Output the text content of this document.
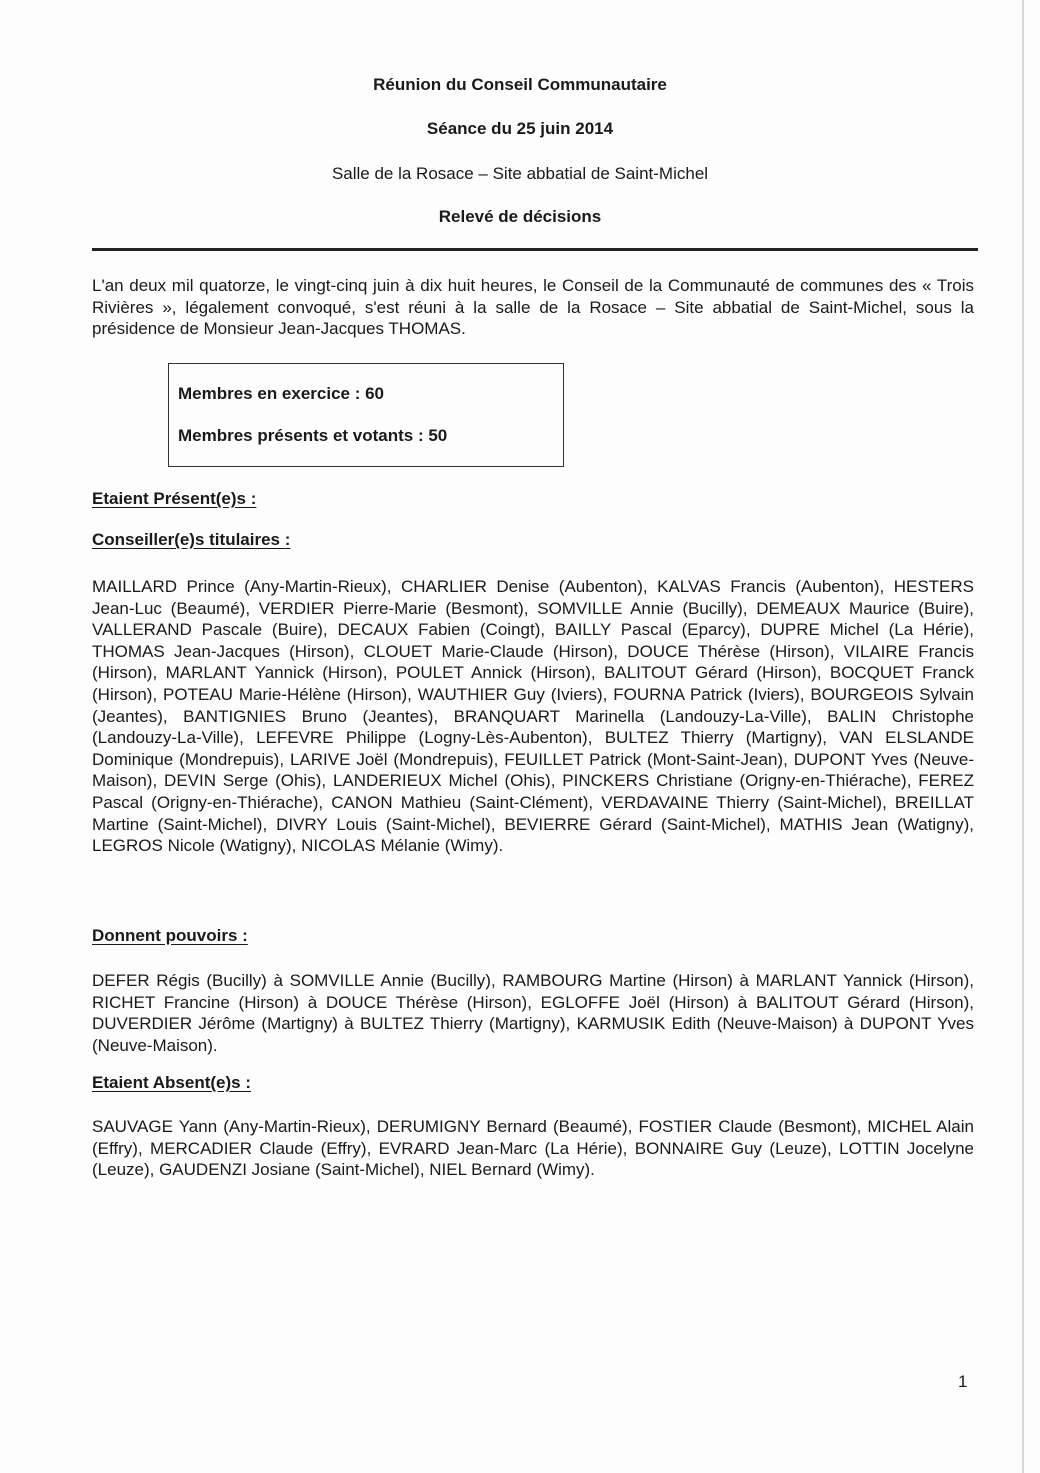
Réunion du Conseil Communautaire
Séance du 25 juin 2014
Salle de la Rosace – Site abbatial de Saint-Michel
Relevé de décisions

L'an deux mil quatorze, le vingt-cinq juin à dix huit heures, le Conseil de la Communauté de communes des « Trois Rivières », légalement convoqué, s'est réuni à la salle de la Rosace – Site abbatial de Saint-Michel, sous la présidence de Monsieur Jean-Jacques THOMAS.

Membres en exercice : 60
Membres présents et votants : 50
Etaient Présent(e)s :
Conseiller(e)s titulaires :

MAILLARD Prince (Any-Martin-Rieux), CHARLIER Denise (Aubenton), KALVAS Francis (Aubenton), HESTERS Jean-Luc (Beaumé), VERDIER Pierre-Marie (Besmont), SOMVILLE Annie (Bucilly), DEMEAUX Maurice (Buire), VALLERAND Pascale (Buire), DECAUX Fabien (Coingt), BAILLY Pascal (Eparcy), DUPRE Michel (La Hérie), THOMAS Jean-Jacques (Hirson), CLOUET Marie-Claude (Hirson), DOUCE Thérèse (Hirson), VILAIRE Francis (Hirson), MARLANT Yannick (Hirson), POULET Annick (Hirson), BALITOUT Gérard (Hirson), BOCQUET Franck (Hirson), POTEAU Marie-Hélène (Hirson), WAUTHIER Guy (Iviers), FOURNA Patrick (Iviers), BOURGEOIS Sylvain (Jeantes), BANTIGNIES Bruno (Jeantes), BRANQUART Marinella (Landouzy-La-Ville), BALIN Christophe (Landouzy-La-Ville), LEFEVRE Philippe (Logny-Lès-Aubenton), BULTEZ Thierry (Martigny), VAN ELSLANDE Dominique (Mondrepuis), LARIVE Joël (Mondrepuis), FEUILLET Patrick (Mont-Saint-Jean), DUPONT Yves (Neuve-Maison), DEVIN Serge (Ohis), LANDERIEUX Michel (Ohis), PINCKERS Christiane (Origny-en-Thiérache), FEREZ Pascal (Origny-en-Thiérache), CANON Mathieu (Saint-Clément), VERDAVAINE Thierry (Saint-Michel), BREILLAT Martine (Saint-Michel), DIVRY Louis (Saint-Michel), BEVIERRE Gérard (Saint-Michel), MATHIS Jean (Watigny), LEGROS Nicole (Watigny), NICOLAS Mélanie (Wimy).

Donnent pouvoirs :

DEFER Régis (Bucilly) à SOMVILLE Annie (Bucilly), RAMBOURG Martine (Hirson) à MARLANT Yannick (Hirson), RICHET Francine (Hirson) à DOUCE Thérèse (Hirson), EGLOFFE Joël (Hirson) à BALITOUT Gérard (Hirson), DUVERDIER Jérôme (Martigny) à BULTEZ Thierry (Martigny), KARMUSIK Edith (Neuve-Maison) à DUPONT Yves (Neuve-Maison).

Etaient Absent(e)s :

SAUVAGE Yann (Any-Martin-Rieux), DERUMIGNY Bernard (Beaumé), FOSTIER Claude (Besmont), MICHEL Alain (Effry), MERCADIER Claude (Effry), EVRARD Jean-Marc (La Hérie), BONNAIRE Guy (Leuze), LOTTIN Jocelyne (Leuze), GAUDENZI Josiane (Saint-Michel), NIEL Bernard (Wimy).

1
